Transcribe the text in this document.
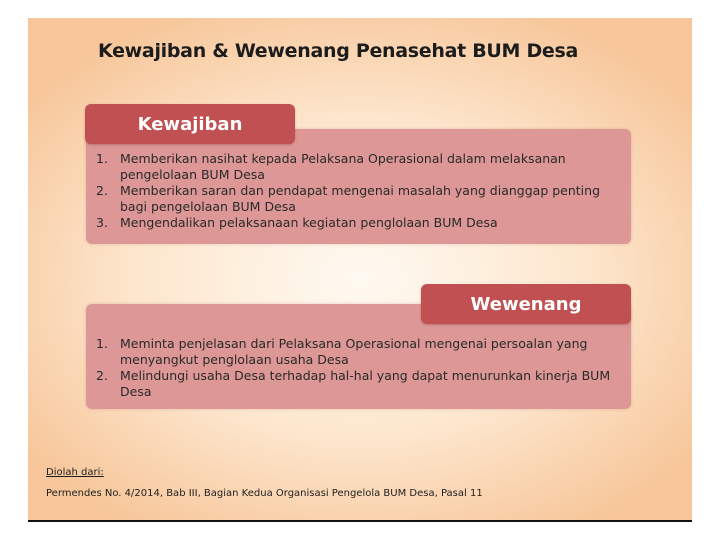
Kewajiban & Wewenang Penasehat BUM Desa
Kewajiban
1. Memberikan nasihat kepada Pelaksana Operasional dalam melaksanan pengelolaan BUM Desa
2. Memberikan saran dan pendapat mengenai masalah yang dianggap penting bagi pengelolaan BUM Desa
3. Mengendalikan pelaksanaan kegiatan penglolaan BUM Desa
Wewenang
1. Meminta penjelasan dari Pelaksana Operasional mengenai persoalan yang menyangkut penglolaan usaha Desa
2. Melindungi usaha Desa terhadap hal-hal yang dapat menurunkan kinerja BUM Desa
Diolah dari:
Permendes No. 4/2014, Bab III, Bagian Kedua Organisasi Pengelola BUM Desa, Pasal 11
